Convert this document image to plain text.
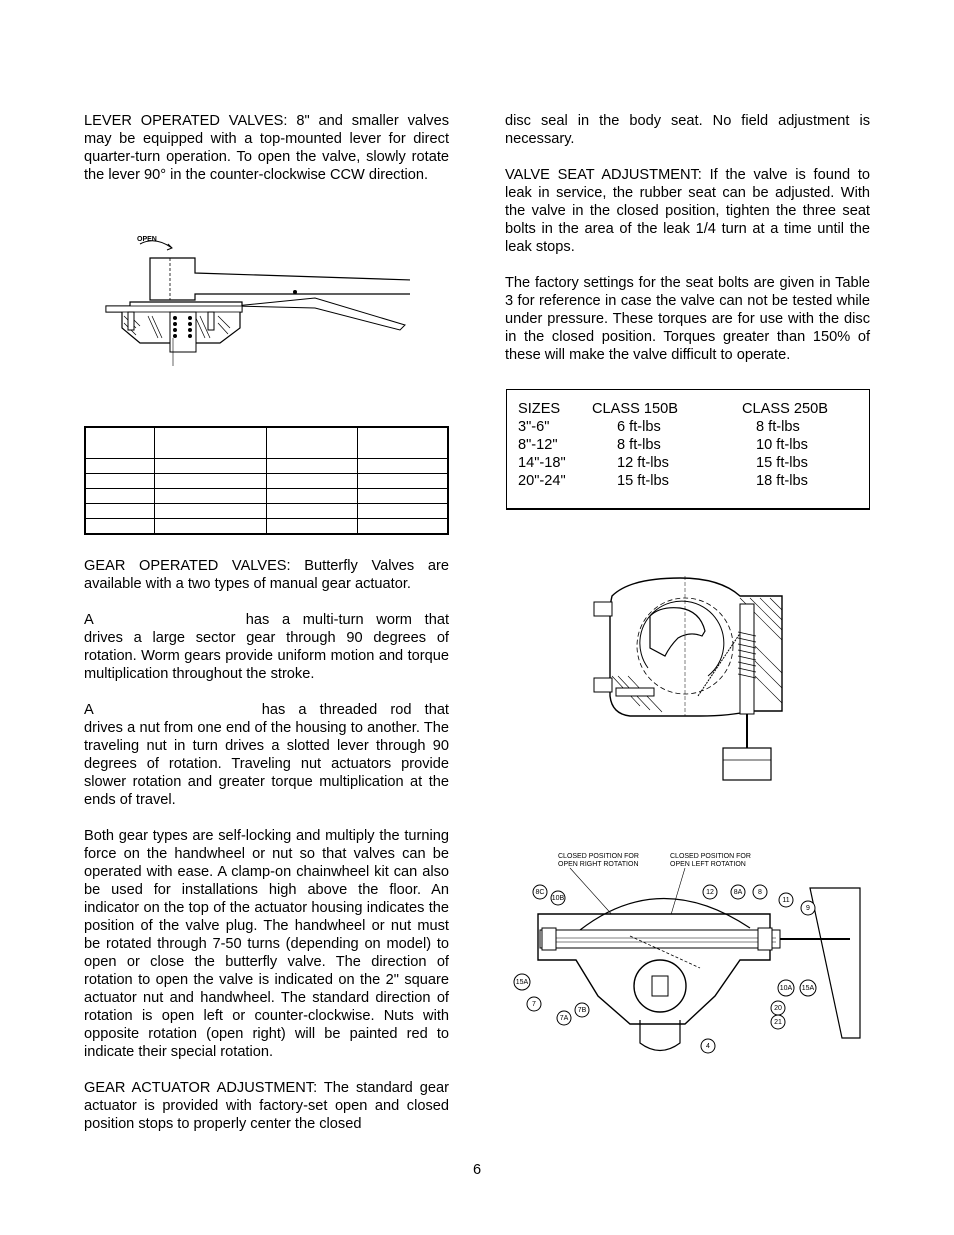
LEVER OPERATED VALVES: 8" and smaller valves may be equipped with a top-mounted lever for direct quarter-turn operation. To open the valve, slowly rotate the lever 90° in the counter-clockwise CCW direction.

OPEN

GEAR OPERATED VALVES: Butterfly Valves are available with a two types of manual gear actuator.

A	has a multi-turn worm that drives a large sector gear through 90 degrees of rotation. Worm gears provide uniform motion and torque multiplication throughout the stroke.

A	has a threaded rod that drives a nut from one end of the housing to another. The traveling nut in turn drives a slotted lever through 90 degrees of rotation. Traveling nut actuators provide slower rotation and greater torque multiplication at the ends of travel.

Both gear types are self-locking and multiply the turning force on the handwheel or nut so that valves can be operated with ease. A clamp-on chainwheel kit can also be used for installations high above the floor. An indicator on the top of the actuator housing indicates the position of the valve plug. The handwheel or nut must be rotated through 7-50 turns (depending on model) to open or close the butterfly valve. The direction of rotation to open the valve is indicated on the 2" square actuator nut and handwheel. The standard direction of rotation is open left or counter-clockwise. Nuts with opposite rotation (open right) will be painted red to indicate their special rotation.

GEAR ACTUATOR ADJUSTMENT: The standard gear actuator is provided with factory-set open and closed position stops to properly center the closed

disc seal in the body seat. No field adjustment is necessary.

VALVE SEAT ADJUSTMENT: If the valve is found to leak in service, the rubber seat can be adjusted. With the valve in the closed position, tighten the three seat bolts in the area of the leak 1/4 turn at a time until the leak stops.

The factory settings for the seat bolts are given in Table 3 for reference in case the valve can not be tested while under pressure. These torques are for use with the disc in the closed position. Torques greater than 150% of these will make the valve difficult to operate.

SIZES	CLASS 150B	CLASS 250B
3"-6"	6 ft-lbs	8 ft-lbs
8"-12"	8 ft-lbs	10 ft-lbs
14"-18"	12 ft-lbs	15 ft-lbs
20"-24"	15 ft-lbs	18 ft-lbs
CLOSED POSITION FOR OPEN RIGHT ROTATION
CLOSED POSITION FOR OPEN LEFT ROTATION
8C
10B
12	8A 8
11
9
15A
7
7B
7A
4
10A 15A
20
21
6
